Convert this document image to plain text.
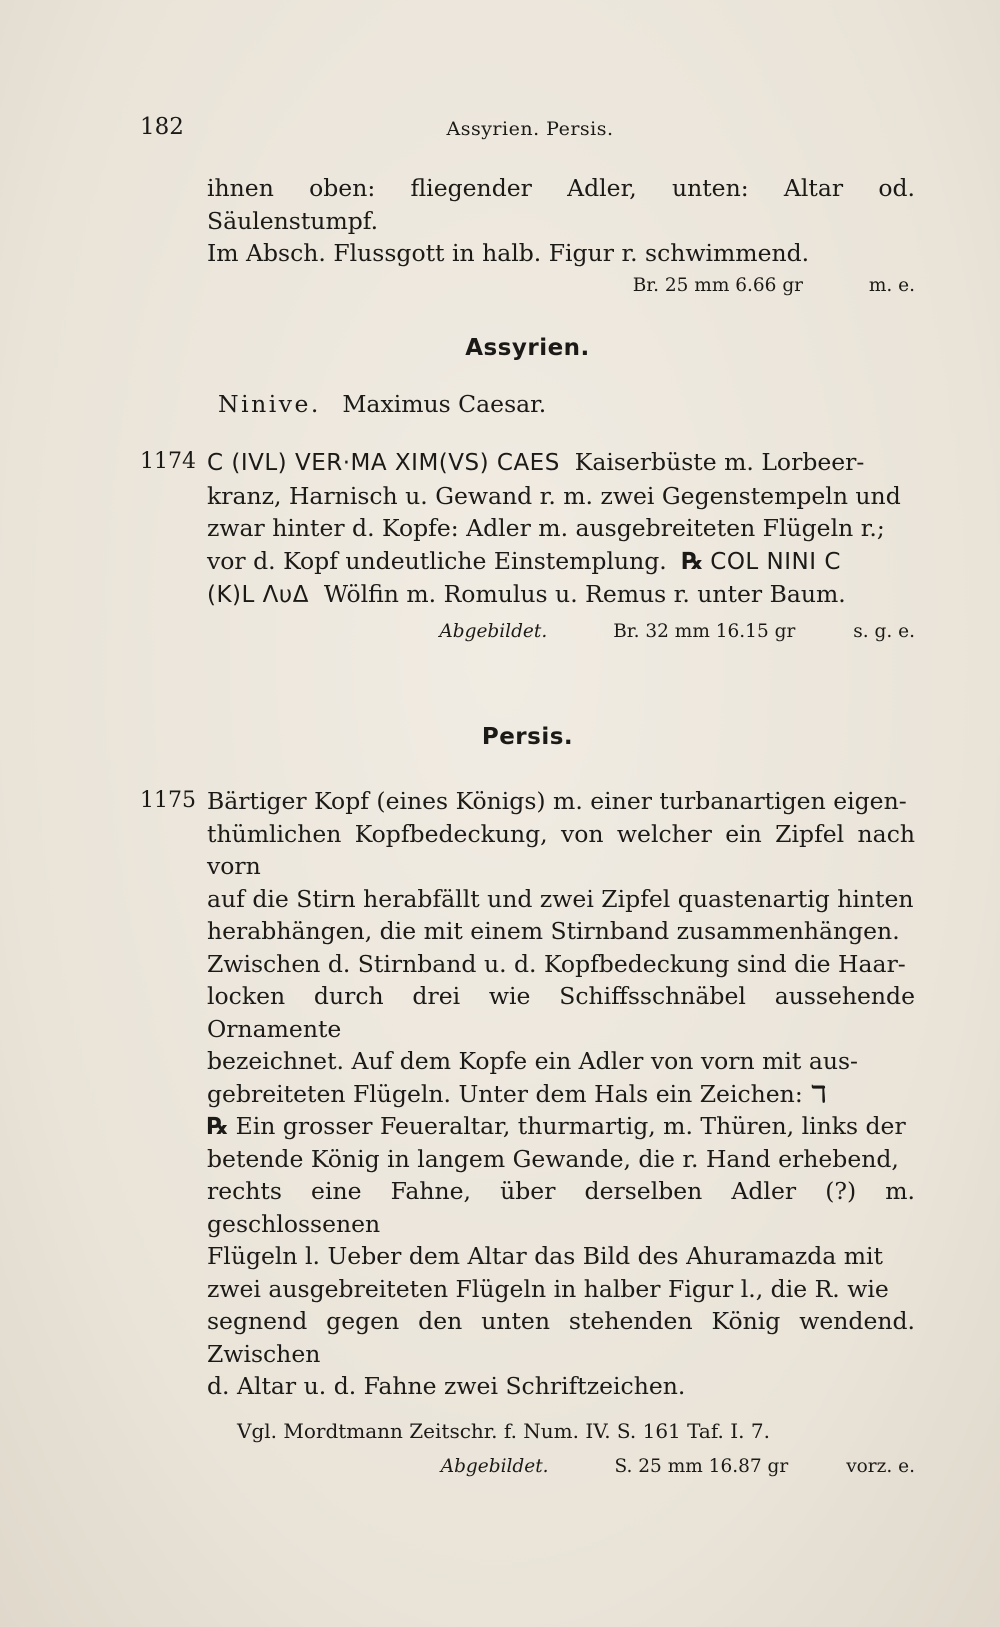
182	Assyrien. Persis.
ihnen oben: fliegender Adler, unten: Altar od. Säulenstumpf.
Im Absch. Flussgott in halb. Figur r. schwimmend.
Br. 25 mm 6.66 gr	m. e.
Assyrien.
Ninive. Maximus Caesar.
1174 C (IVL) VER·MA XIM(VS) CAES Kaiserbüste m. Lorbeer-
kranz, Harnisch u. Gewand r. m. zwei Gegenstempeln und
zwar hinter d. Kopfe: Adler m. ausgebreiteten Flügeln r.;
vor d. Kopf undeutliche Einstemplung. ℞ COL NINI C
(K)L ΛυΔ Wölfin m. Romulus u. Remus r. unter Baum.
Abgebildet.	Br. 32 mm 16.15 gr	s. g. e.
Persis.
1175 Bärtiger Kopf (eines Königs) m. einer turbanartigen eigen-
thümlichen Kopfbedeckung, von welcher ein Zipfel nach vorn
auf die Stirn herabfällt und zwei Zipfel quastenartig hinten
herabhängen, die mit einem Stirnband zusammenhängen.
Zwischen d. Stirnband u. d. Kopfbedeckung sind die Haar-
locken durch drei wie Schiffsschnäbel aussehende Ornamente
bezeichnet. Auf dem Kopfe ein Adler von vorn mit aus-
gebreiteten Flügeln. Unter dem Hals ein Zeichen: ℸ
℞ Ein grosser Feueraltar, thurmartig, m. Thüren, links der
betende König in langem Gewande, die r. Hand erhebend,
rechts eine Fahne, über derselben Adler (?) m. geschlossenen
Flügeln l. Ueber dem Altar das Bild des Ahuramazda mit
zwei ausgebreiteten Flügeln in halber Figur l., die R. wie
segnend gegen den unten stehenden König wendend. Zwischen
d. Altar u. d. Fahne zwei Schriftzeichen.
Vgl. Mordtmann Zeitschr. f. Num. IV. S. 161 Taf. I. 7.
Abgebildet.	S. 25 mm 16.87 gr	vorz. e.
